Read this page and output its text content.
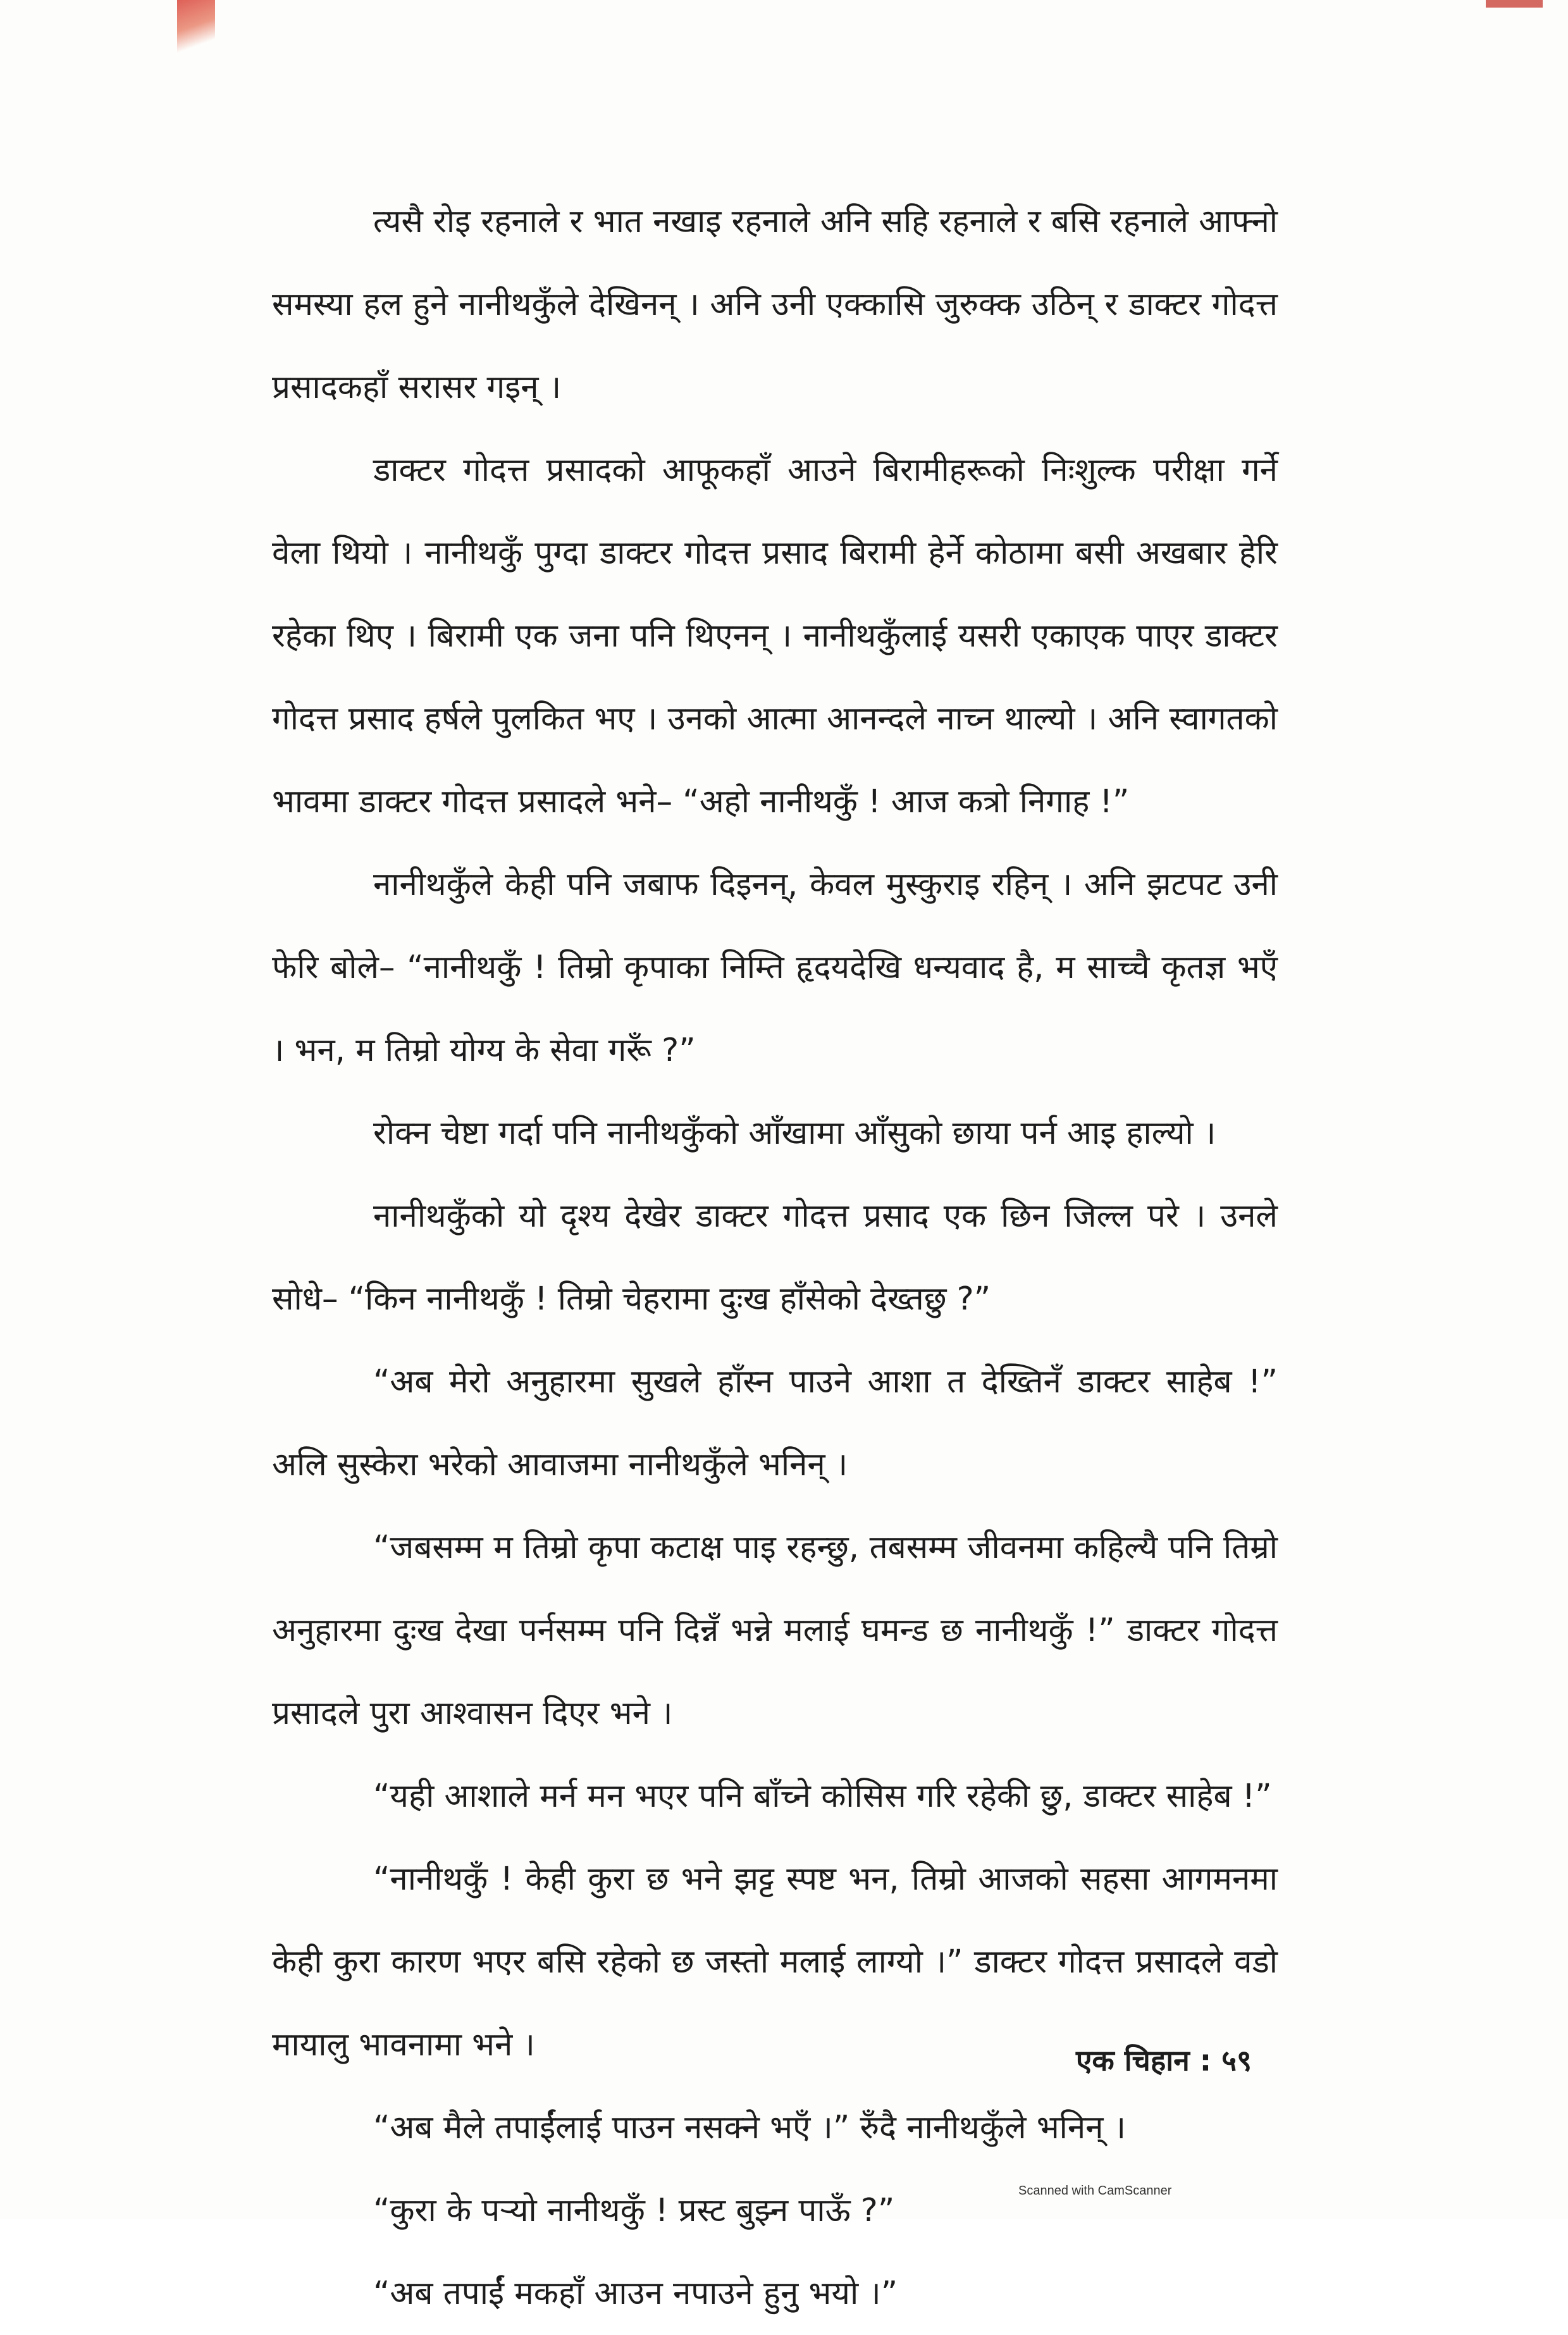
त्यसै रोइ रहनाले र भात नखाइ रहनाले अनि सहि रहनाले र बसि रहनाले आफ्नो समस्या हल हुने नानीथकुँले देखिनन् । अनि उनी एक्कासि जुरुक्क उठिन् र डाक्टर गोदत्त प्रसादकहाँ सरासर गइन् ।

डाक्टर गोदत्त प्रसादको आफूकहाँ आउने बिरामीहरूको निःशुल्क परीक्षा गर्ने वेला थियो । नानीथकुँ पुग्दा डाक्टर गोदत्त प्रसाद बिरामी हेर्ने कोठामा बसी अखबार हेरि रहेका थिए । बिरामी एक जना पनि थिएनन् । नानीथकुँलाई यसरी एकाएक पाएर डाक्टर गोदत्त प्रसाद हर्षले पुलकित भए । उनको आत्मा आनन्दले नाच्न थाल्यो । अनि स्वागतको भावमा डाक्टर गोदत्त प्रसादले भने– “अहो नानीथकुँ ! आज कत्रो निगाह !”

नानीथकुँले केही पनि जबाफ दिइनन्, केवल मुस्कुराइ रहिन् । अनि झटपट उनी फेरि बोले– “नानीथकुँ ! तिम्रो कृपाका निम्ति हृदयदेखि धन्यवाद है, म साच्चै कृतज्ञ भएँ । भन, म तिम्रो योग्य के सेवा गरूँ ?”

रोक्न चेष्टा गर्दा पनि नानीथकुँको आँखामा आँसुको छाया पर्न आइ हाल्यो ।

नानीथकुँको यो दृश्य देखेर डाक्टर गोदत्त प्रसाद एक छिन जिल्ल परे । उनले सोधे– “किन नानीथकुँ ! तिम्रो चेहरामा दुःख हाँसेको देख्तछु ?”

“अब मेरो अनुहारमा सुखले हाँस्न पाउने आशा त देख्तिनँ डाक्टर साहेब !” अलि सुस्केरा भरेको आवाजमा नानीथकुँले भनिन् ।

“जबसम्म म तिम्रो कृपा कटाक्ष पाइ रहन्छु, तबसम्म जीवनमा कहिल्यै पनि तिम्रो अनुहारमा दुःख देखा पर्नसम्म पनि दिन्नँ भन्ने मलाई घमन्ड छ नानीथकुँ !” डाक्टर गोदत्त प्रसादले पुरा आश्वासन दिएर भने ।

“यही आशाले मर्न मन भएर पनि बाँच्ने कोसिस गरि रहेकी छु, डाक्टर साहेब !”

“नानीथकुँ ! केही कुरा छ भने झट्ट स्पष्ट भन, तिम्रो आजको सहसा आगमनमा केही कुरा कारण भएर बसि रहेको छ जस्तो मलाई लाग्यो ।” डाक्टर गोदत्त प्रसादले वडो मायालु भावनामा भने ।

“अब मैले तपाईंलाई पाउन नसक्ने भएँ ।” रुँदै नानीथकुँले भनिन् ।

“कुरा के पर्‍यो नानीथकुँ ! प्रस्ट बुझ्न पाऊँ ?”

“अब तपाईं मकहाँ आउन नपाउने हुनु भयो ।”

एक चिहान : ५९
Scanned with CamScanner
